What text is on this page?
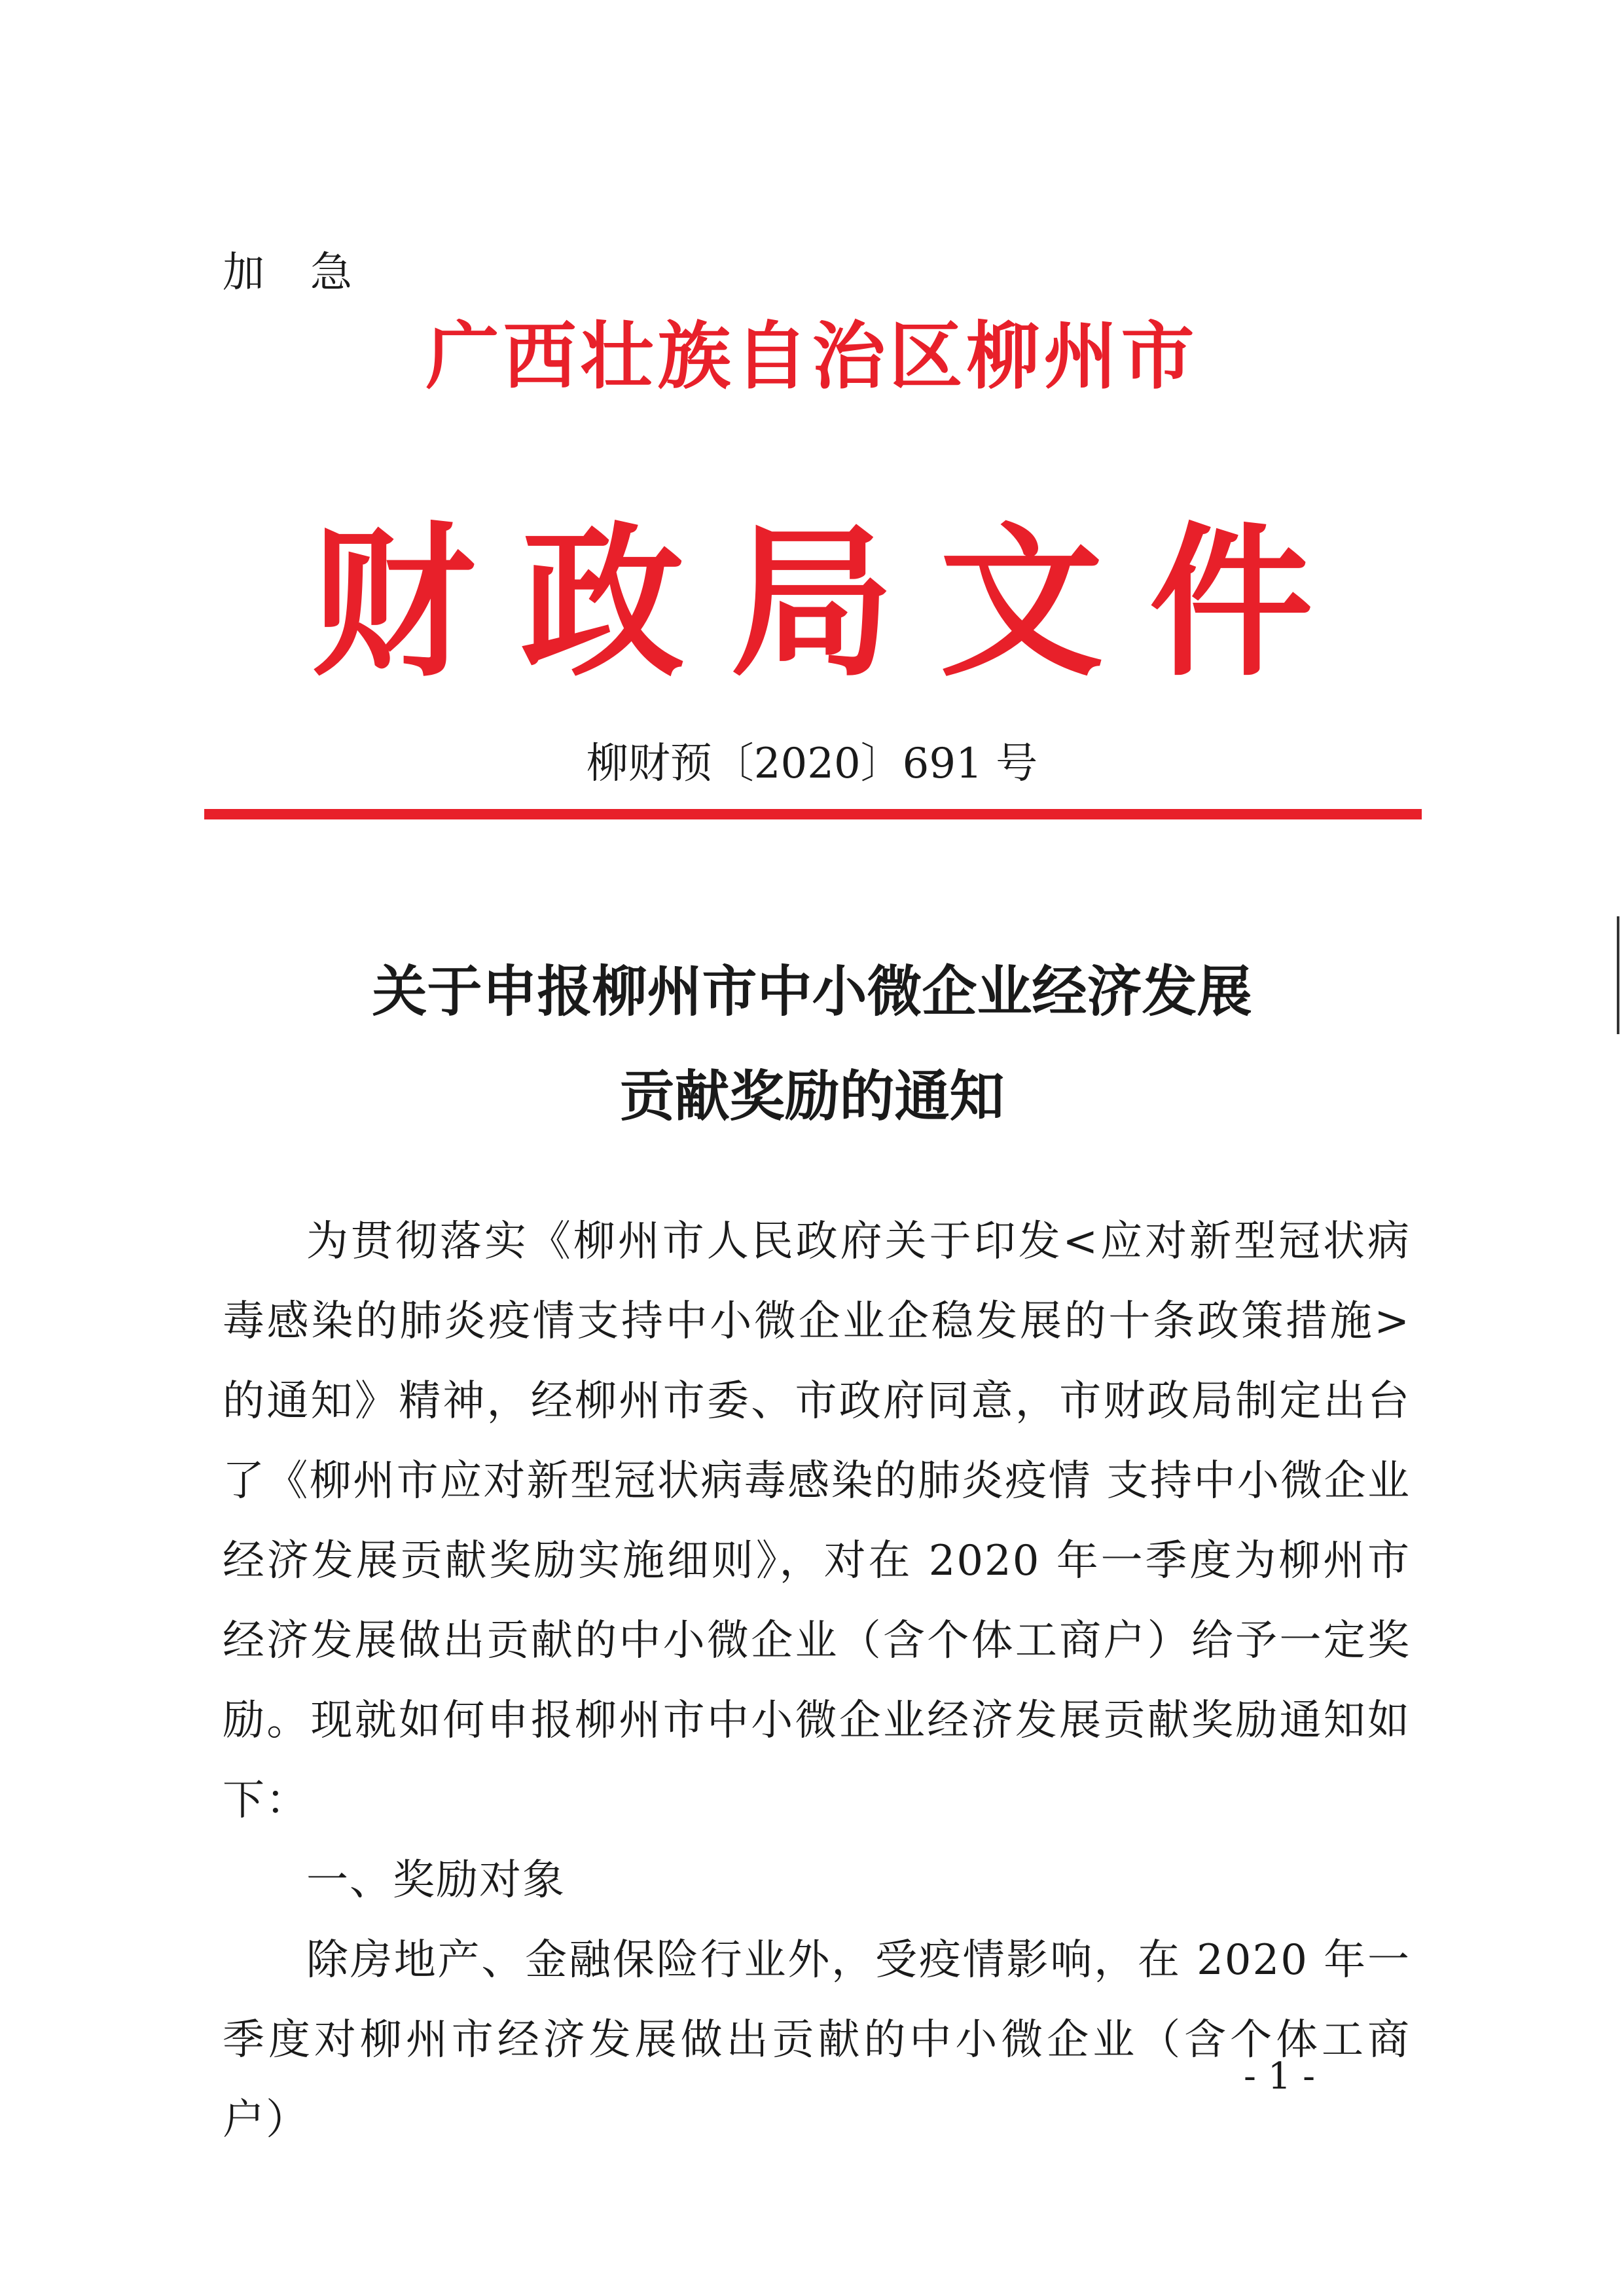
加急
广西壮族自治区柳州市
财政局文件
柳财预〔2020〕691 号
关于申报柳州市中小微企业经济发展
贡献奖励的通知

为贯彻落实《柳州市人民政府关于印发<应对新型冠状病毒感染的肺炎疫情支持中小微企业企稳发展的十条政策措施>的通知》精神，经柳州市委、市政府同意，市财政局制定出台了《柳州市应对新型冠状病毒感染的肺炎疫情 支持中小微企业经济发展贡献奖励实施细则》，对在 2020 年一季度为柳州市经济发展做出贡献的中小微企业（含个体工商户）给予一定奖励。现就如何申报柳州市中小微企业经济发展贡献奖励通知如下：

一、奖励对象

除房地产、金融保险行业外，受疫情影响，在 2020 年一季度对柳州市经济发展做出贡献的中小微企业（含个体工商户）

- 1 -
